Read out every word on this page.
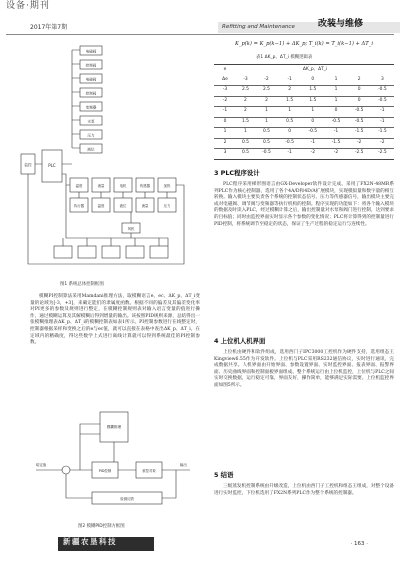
设备·期刊
2017年第7期	Refitting and Maintenance	改装与维修
电磁阀
控制阀
电磁阀
控制阀
变频器
水泵
压力
液位
监控	PLC
温度	流量	电机	传感器	加热
执行器	温度	液位	流量	压力
风机
图1 系统总体控制框图
模糊PI控制算法采用Mamdani推理方法，取模糊语言e、ec、ΔK_p、ΔT_i变量的论域为[-3，+3]，来确定能们的隶属度函数。根据不同的偏差及其偏差变化率对PI更多的参数及规则进行整定，在模糊控制规则表对输入语言变量的值进行操作，通过模糊运算及其解模糊后得到增量的输出。该按照PID规则来源，总结得出一张模糊推理表ΔK_p、ΔT_i的模糊控制表如表1所示。PI控制参数进行在线整定时，控制器根据采样和变换之后的e与ec值，就可以直接在表格中查出ΔK_p、ΔT_i，在定域内的精确度，得这些数学上式进行离线计算就可以得到系统最佳的PI控制参数。
模糊推理
PID控制	被控对象
检测反馈
给定值	输出
图2 模糊PID控制方框图
K_p(k) = K_p(k−1) + ΔK_p; T_i(k) = T_i(k−1) + ΔT_i
表1 ΔK_p、ΔT_i 模糊逻辑表
e	ΔK_p、ΔT_i						
Δe	-3	-2	-1	0	1	2	3
-3	2.5	2.5	2	1.5	1	0	-0.5
-2	2	2	1.5	1.5	1	0	-0.5
-1	2	1	1	1	0	-0.5	-1
0	1.5	1	0.5	0	-0.5	-0.5	-1
1	1	0.5	0	-0.5	-1	-1.5	-1.5
2	0.5	0.5	-0.5	-1	-1.5	-2	-2
3	0.5	-0.5	-1	-2	-2	-2.5	-2.5
3 PLC程序设计
PLC程序采用梯形图语言由GX-Developer软件设计完成。采用了FX2N-48MR系列PLC作为核心控制器，选用了各个4A/D和4D/A扩展模块，实现模拟量和数字量的相互转换。输入模块主要负责各个系统的控制状态信号、压力等传感器信号，输出模块主要完成对电磁阀、调节阀与变频器等执行机构的控制。程序实现的功能如下：将各个输入模块的数据及时读入PLC，经过模糊计算之后，输出控制量对水泵和阀门进行控制，达到要求的目标值；同时由监控界面实时显示各个参数的变化情况；PLC将计算得到的控制量进行PID控制，将系统调节至稳定的状态，保证了生产过程的稳定运行与连续性。
4 上位机人机界面
上位机由硬件和软件组成，选用西门子IPC3000工控机作为硬件支持，选用组态王Kingview6.55作为开发软件。上位机与PLC采用RS232通信协议，实时进行通讯，完成数据共享。人机界面由开始界面、参数设置界面、实时监控界面、报表界面、报警界面、历史曲线界面和控制面板界面组成。整个系统运行由上位机监控，上位机与PLC之间实时交换数据，运行稳定可靠，界面友好，操作简单，能够满足实际需要。上位机监控界面如图5所示。
5 结语
三级蒸发机控制系统由升级改造，上位机由西门子工控机和组态王组成，对整个设备进行实时监控，下位机选用了FX2N系列PLC作为整个系统的控制器。
新疆农垦科技	· 163 ·
